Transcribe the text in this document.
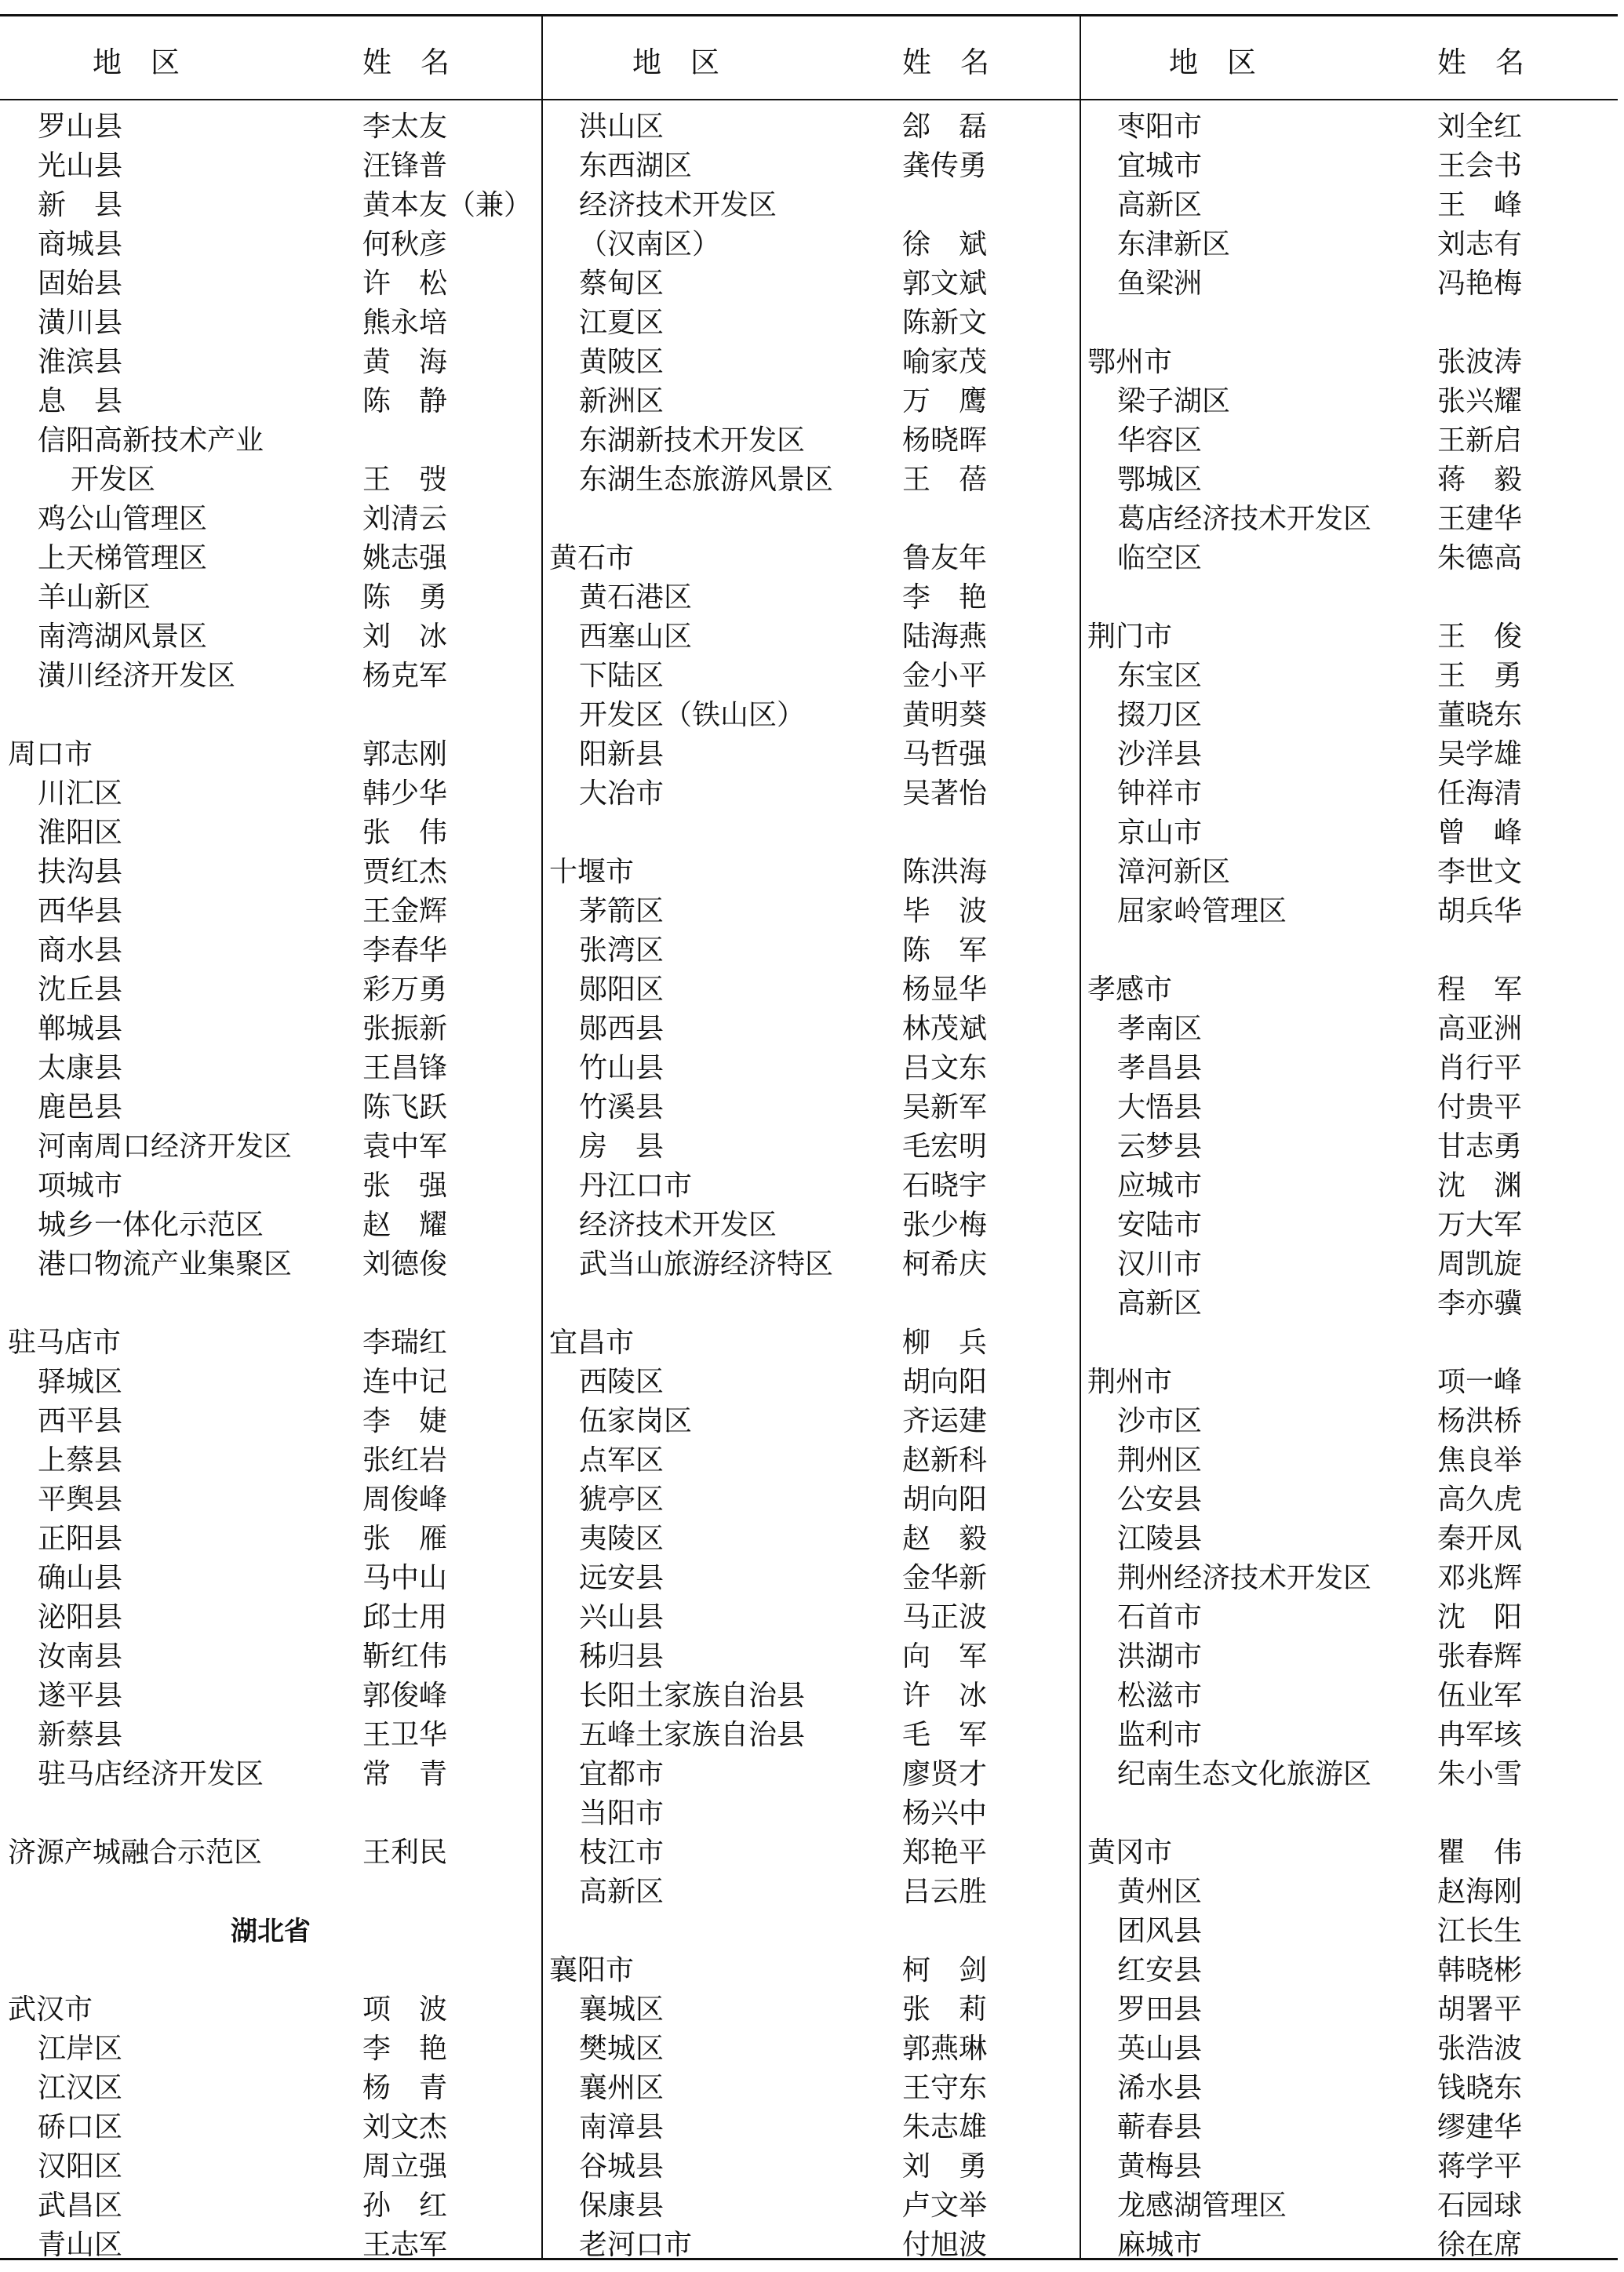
地　区	姓　名	地　区	姓　名	地　区	姓　名
罗山县	李太友
光山县	汪锋普
新　县	黄本友（兼）
商城县	何秋彦
固始县	许　松
潢川县	熊永培
淮滨县	黄　海
息　县	陈　静
信阳高新技术产业
开发区	王　弢
鸡公山管理区	刘清云
上天梯管理区	姚志强
羊山新区	陈　勇
南湾湖风景区	刘　冰
潢川经济开发区	杨克军
周口市	郭志刚
川汇区	韩少华
淮阳区	张　伟
扶沟县	贾红杰
西华县	王金辉
商水县	李春华
沈丘县	彩万勇
郸城县	张振新
太康县	王昌锋
鹿邑县	陈飞跃
河南周口经济开发区 袁中军
项城市	张　强
城乡一体化示范区	赵　耀
港口物流产业集聚区 刘德俊
驻马店市	李瑞红
驿城区	连中记
西平县	李　婕
上蔡县	张红岩
平舆县	周俊峰
正阳县	张　雁
确山县	马中山
泌阳县	邱士用
汝南县	靳红伟
遂平县	郭俊峰
新蔡县	王卫华
驻马店经济开发区	常　青
济源产城融合示范区	王利民
湖北省
武汉市	项　波
江岸区	李　艳
江汉区	杨　青
硚口区	刘文杰
汉阳区	周立强
武昌区	孙　红
青山区	王志军
洪山区	郐　磊
东西湖区	龚传勇
经济技术开发区
（汉南区）	徐　斌
蔡甸区	郭文斌
江夏区	陈新文
黄陂区	喻家茂
新洲区	万　鹰
东湖新技术开发区	杨晓晖
东湖生态旅游风景区 王　蓓
黄石市	鲁友年
黄石港区	李　艳
西塞山区	陆海燕
下陆区	金小平
开发区（铁山区）	黄明葵
阳新县	马哲强
大冶市	吴著怡
十堰市	陈洪海
茅箭区	毕　波
张湾区	陈　军
郧阳区	杨显华
郧西县	林茂斌
竹山县	吕文东
竹溪县	吴新军
房　县	毛宏明
丹江口市	石晓宇
经济技术开发区	张少梅
武当山旅游经济特区 柯希庆
宜昌市	柳　兵
西陵区	胡向阳
伍家岗区	齐运建
点军区	赵新科
猇亭区	胡向阳
夷陵区	赵　毅
远安县	金华新
兴山县	马正波
秭归县	向　军
长阳土家族自治县	许　冰
五峰土家族自治县	毛　军
宜都市	廖贤才
当阳市	杨兴中
枝江市	郑艳平
高新区	吕云胜
襄阳市	柯　剑
襄城区	张　莉
樊城区	郭燕琳
襄州区	王守东
南漳县	朱志雄
谷城县	刘　勇
保康县	卢文举
老河口市	付旭波
枣阳市	刘全红
宜城市	王会书
高新区	王　峰
东津新区	刘志有
鱼梁洲	冯艳梅
鄂州市	张波涛
梁子湖区	张兴耀
华容区	王新启
鄂城区	蒋　毅
葛店经济技术开发区 王建华
临空区	朱德高
荆门市	王　俊
东宝区	王　勇
掇刀区	董晓东
沙洋县	吴学雄
钟祥市	任海清
京山市	曾　峰
漳河新区	李世文
屈家岭管理区	胡兵华
孝感市	程　军
孝南区	高亚洲
孝昌县	肖行平
大悟县	付贵平
云梦县	甘志勇
应城市	沈　渊
安陆市	万大军
汉川市	周凯旋
高新区	李亦骥
荆州市	项一峰
沙市区	杨洪桥
荆州区	焦良举
公安县	高久虎
江陵县	秦开凤
荆州经济技术开发区 邓兆辉
石首市	沈　阳
洪湖市	张春辉
松滋市	伍业军
监利市	冉军垓
纪南生态文化旅游区 朱小雪
黄冈市	瞿　伟
黄州区	赵海刚
团风县	江长生
红安县	韩晓彬
罗田县	胡署平
英山县	张浩波
浠水县	钱晓东
蕲春县	缪建华
黄梅县	蒋学平
龙感湖管理区	石园球
麻城市	徐在席
